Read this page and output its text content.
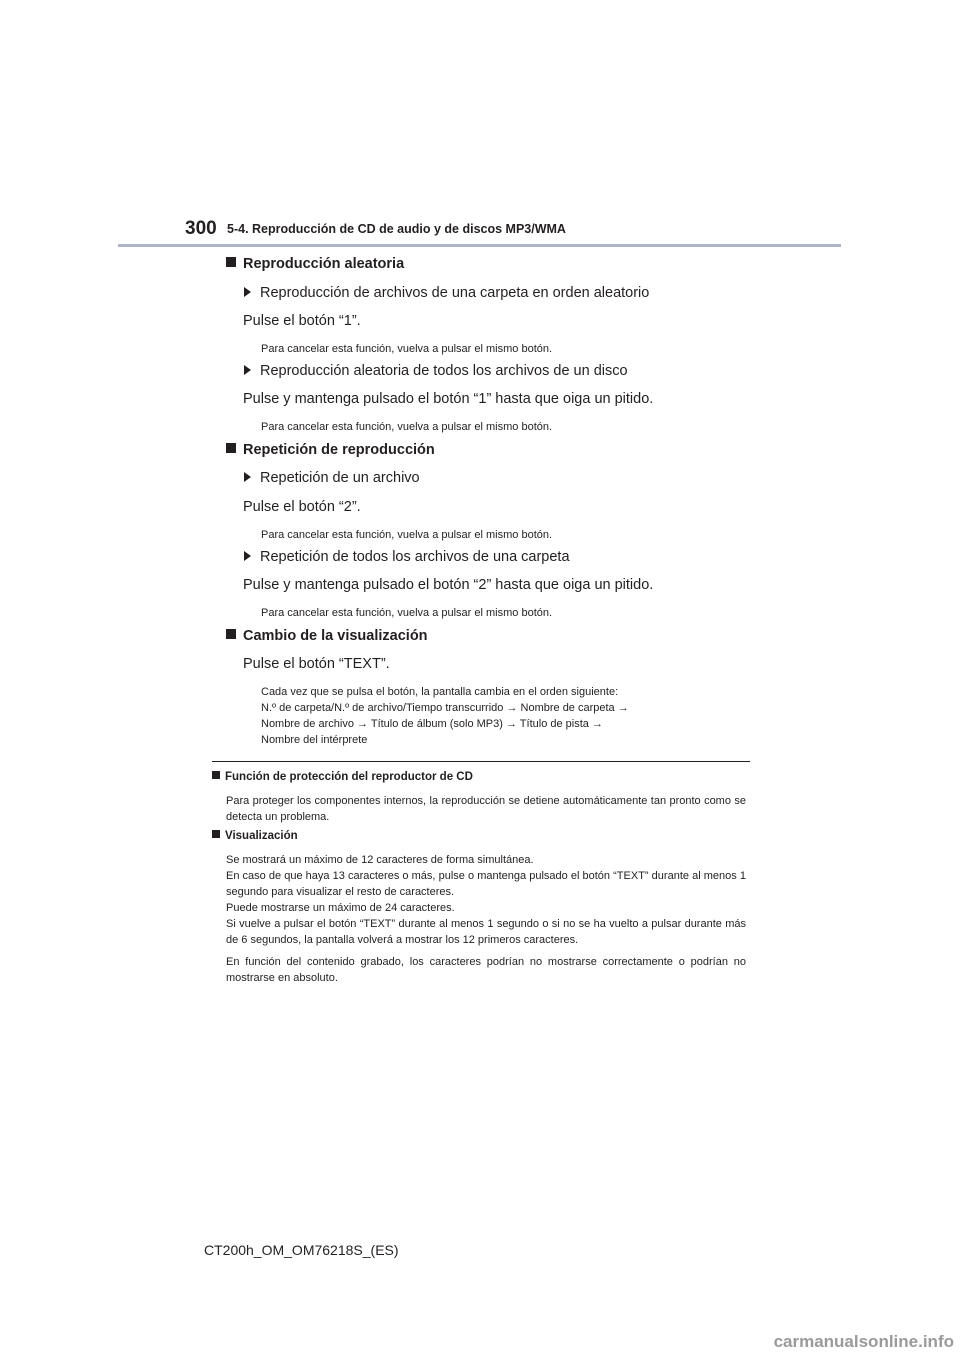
300 5-4. Reproducción de CD de audio y de discos MP3/WMA
Reproducción aleatoria
Reproducción de archivos de una carpeta en orden aleatorio
Pulse el botón “1”.
Para cancelar esta función, vuelva a pulsar el mismo botón.
Reproducción aleatoria de todos los archivos de un disco
Pulse y mantenga pulsado el botón “1” hasta que oiga un pitido.
Para cancelar esta función, vuelva a pulsar el mismo botón.
Repetición de reproducción
Repetición de un archivo
Pulse el botón “2”.
Para cancelar esta función, vuelva a pulsar el mismo botón.
Repetición de todos los archivos de una carpeta
Pulse y mantenga pulsado el botón “2” hasta que oiga un pitido.
Para cancelar esta función, vuelva a pulsar el mismo botón.
Cambio de la visualización
Pulse el botón “TEXT”.
Cada vez que se pulsa el botón, la pantalla cambia en el orden siguiente:
N.º de carpeta/N.º de archivo/Tiempo transcurrido → Nombre de carpeta →
Nombre de archivo → Título de álbum (solo MP3) → Título de pista →
Nombre del intérprete
Función de protección del reproductor de CD

Para proteger los componentes internos, la reproducción se detiene automáticamente tan pronto como se detecta un problema.

Visualización

Se mostrará un máximo de 12 caracteres de forma simultánea.

En caso de que haya 13 caracteres o más, pulse o mantenga pulsado el botón “TEXT” durante al menos 1 segundo para visualizar el resto de caracteres.

Puede mostrarse un máximo de 24 caracteres.

Si vuelve a pulsar el botón “TEXT” durante al menos 1 segundo o si no se ha vuelto a pulsar durante más de 6 segundos, la pantalla volverá a mostrar los 12 primeros caracteres.

En función del contenido grabado, los caracteres podrían no mostrarse correctamente o podrían no mostrarse en absoluto.

CT200h_OM_OM76218S_(ES)
carmanualsonline.info
